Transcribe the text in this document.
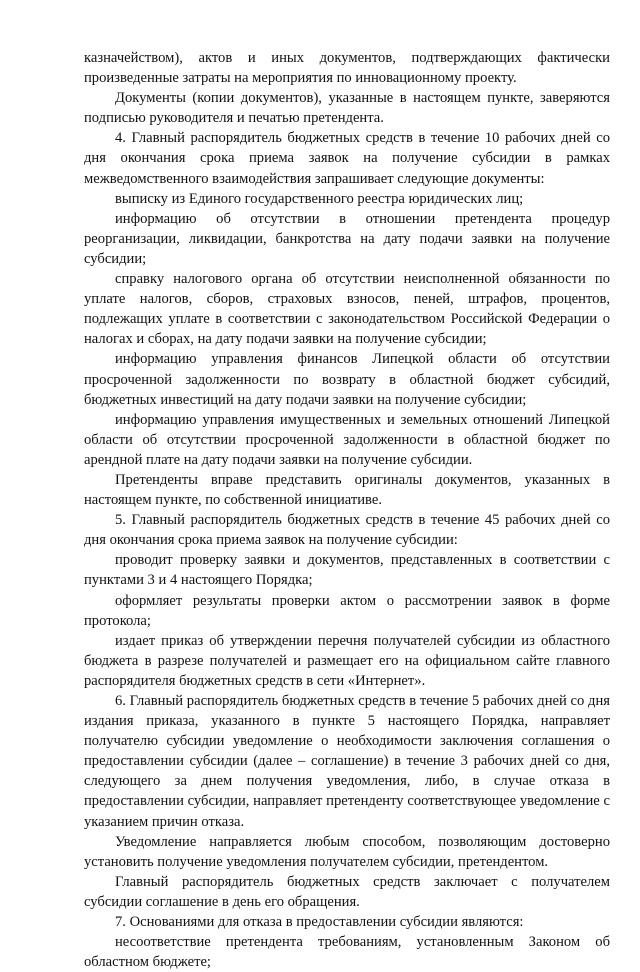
казначейством), актов и иных документов, подтверждающих фактически произведенные затраты на мероприятия по инновационному проекту.

Документы (копии документов), указанные в настоящем пункте, заверяются подписью руководителя и печатью претендента.

4. Главный распорядитель бюджетных средств в течение 10 рабочих дней со дня окончания срока приема заявок на получение субсидии в рамках межведомственного взаимодействия запрашивает следующие документы:

выписку из Единого государственного реестра юридических лиц;

информацию об отсутствии в отношении претендента процедур реорганизации, ликвидации, банкротства на дату подачи заявки на получение субсидии;

справку налогового органа об отсутствии неисполненной обязанности по уплате налогов, сборов, страховых взносов, пеней, штрафов, процентов, подлежащих уплате в соответствии с законодательством Российской Федерации о налогах и сборах, на дату подачи заявки на получение субсидии;

информацию управления финансов Липецкой области об отсутствии просроченной задолженности по возврату в областной бюджет субсидий, бюджетных инвестиций на дату подачи заявки на получение субсидии;

информацию управления имущественных и земельных отношений Липецкой области об отсутствии просроченной задолженности в областной бюджет по арендной плате на дату подачи заявки на получение субсидии.

Претенденты вправе представить оригиналы документов, указанных в настоящем пункте, по собственной инициативе.

5. Главный распорядитель бюджетных средств в течение 45 рабочих дней со дня окончания срока приема заявок на получение субсидии:

проводит проверку заявки и документов, представленных в соответствии с пунктами 3 и 4 настоящего Порядка;

оформляет результаты проверки актом о рассмотрении заявок в форме протокола;

издает приказ об утверждении перечня получателей субсидии из областного бюджета в разрезе получателей и размещает его на официальном сайте главного распорядителя бюджетных средств в сети «Интернет».

6. Главный распорядитель бюджетных средств в течение 5 рабочих дней со дня издания приказа, указанного в пункте 5 настоящего Порядка, направляет получателю субсидии уведомление о необходимости заключения соглашения о предоставлении субсидии (далее – соглашение) в течение 3 рабочих дней со дня, следующего за днем получения уведомления, либо, в случае отказа в предоставлении субсидии, направляет претенденту соответствующее уведомление с указанием причин отказа.

Уведомление направляется любым способом, позволяющим достоверно установить получение уведомления получателем субсидии, претендентом.

Главный распорядитель бюджетных средств заключает с получателем субсидии соглашение в день его обращения.

7. Основаниями для отказа в предоставлении субсидии являются:

несоответствие претендента требованиям, установленным Законом об областном бюджете;
